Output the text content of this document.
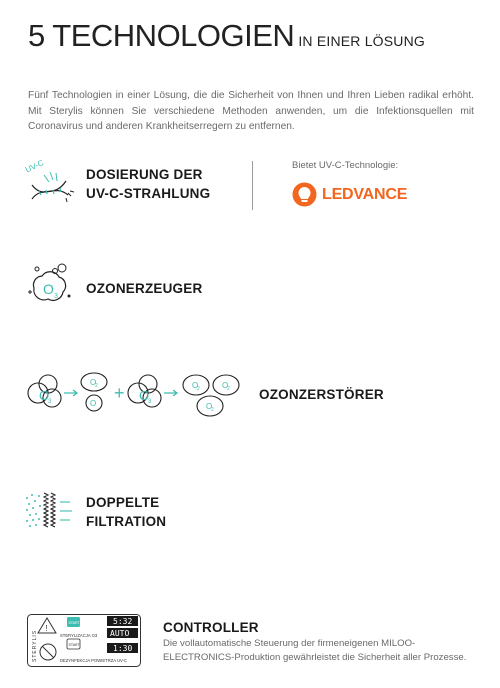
5 TECHNOLOGIEN IN EINER LÖSUNG

Fünf Technologien in einer Lösung, die die Sicherheit von Ihnen und Ihren Lieben radikal erhöht. Mit Sterylis können Sie verschiedene Methoden anwenden, um die Infektionsquellen mit Coronavirus und anderen Krankheitserregern zu entfernen.

UV-C
DOSIERUNG DER
UV-C-STRAHLUNG
Bietet UV-C-Technologie:
LEDVANCE
O 3
OZONERZEUGER
O
3
O
2
O
+ O
3
O
2	O
2
O
2
OZONZERSTÖRER
DOPPELTE
FILTRATION
STERYLIS
!
START
START
5:32
AUTO
1:30
STERYLIZACJA O3
DEZYNFEKCJA POWIETRZA UV-C
CONTROLLER
Die vollautomatische Steuerung der firmeneigenen MILOO-ELECTRONICS-Produktion gewährleistet die Sicherheit aller Prozesse.
